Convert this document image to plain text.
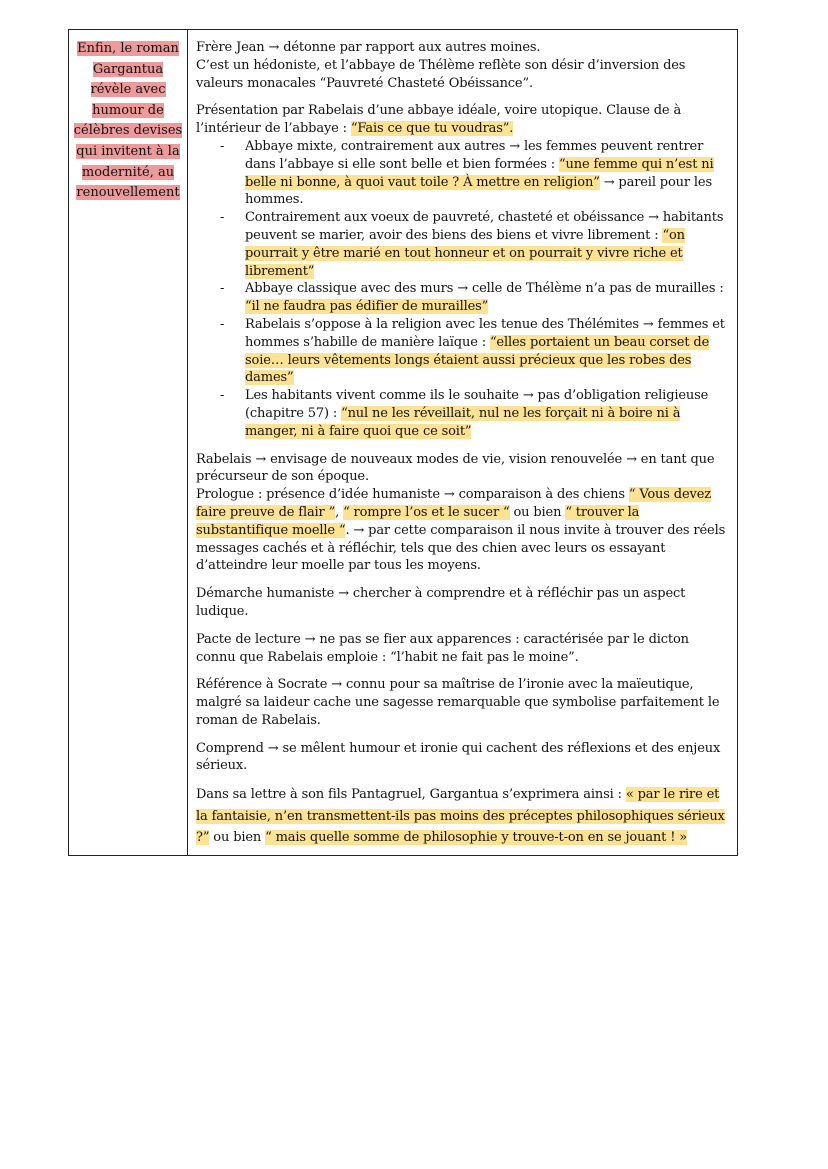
Enfin, le roman Gargantua révèle avec humour de célèbres devises qui invitent à la modernité, au renouvellement

Frère Jean → détonne par rapport aux autres moines.
C’est un hédoniste, et l’abbaye de Thélème reflète son désir d’inversion des valeurs monacales “Pauvreté Chasteté Obéissance”.

Présentation par Rabelais d’une abbaye idéale, voire utopique. Clause de à l’intérieur de l’abbaye : “Fais ce que tu voudras”.

- Abbaye mixte, contrairement aux autres → les femmes peuvent rentrer dans l’abbaye si elle sont belle et bien formées : “une femme qui n’est ni belle ni bonne, à quoi vaut toile ? À mettre en religion” → pareil pour les hommes.
- Contrairement aux voeux de pauvreté, chasteté et obéissance → habitants peuvent se marier, avoir des biens des biens et vivre librement : “on pourrait y être marié en tout honneur et on pourrait y vivre riche et librement”
- Abbaye classique avec des murs → celle de Thélème n’a pas de murailles : “il ne faudra pas édifier de murailles”
- Rabelais s’oppose à la religion avec les tenue des Thélémites → femmes et hommes s’habille de manière laïque : “elles portaient un beau corset de soie… leurs vêtements longs étaient aussi précieux que les robes des dames”
- Les habitants vivent comme ils le souhaite → pas d’obligation religieuse (chapitre 57) : “nul ne les réveillait, nul ne les forçait ni à boire ni à manger, ni à faire quoi que ce soit”

Rabelais → envisage de nouveaux modes de vie, vision renouvelée → en tant que précurseur de son époque.
Prologue : présence d’idée humaniste → comparaison à des chiens “ Vous devez faire preuve de flair ”, “ rompre l’os et le sucer “ ou bien “ trouver la substantifique moelle “. → par cette comparaison il nous invite à trouver des réels messages cachés et à réfléchir, tels que des chien avec leurs os essayant d’atteindre leur moelle par tous les moyens.

Démarche humaniste → chercher à comprendre et à réfléchir pas un aspect ludique.

Pacte de lecture → ne pas se fier aux apparences : caractérisée par le dicton connu que Rabelais emploie : “l’habit ne fait pas le moine”.

Référence à Socrate → connu pour sa maîtrise de l’ironie avec la maïeutique, malgré sa laideur cache une sagesse remarquable que symbolise parfaitement le roman de Rabelais.

Comprend → se mêlent humour et ironie qui cachent des réflexions et des enjeux sérieux.

Dans sa lettre à son fils Pantagruel, Gargantua s’exprimera ainsi : « par le rire et la fantaisie, n’en transmettent-ils pas moins des préceptes philosophiques sérieux ?” ou bien “ mais quelle somme de philosophie y trouve-t-on en se jouant ! »
